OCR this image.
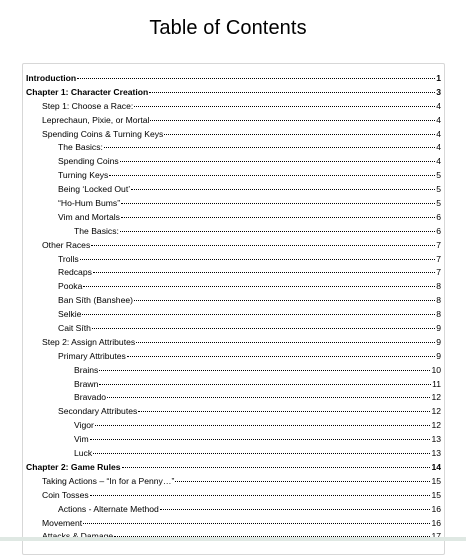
Table of Contents
Introduction	1
Chapter 1: Character Creation	3
Step 1: Choose a Race:	4
Leprechaun, Pixie, or Mortal	4
Spending Coins & Turning Keys	4
The Basics:	4
Spending Coins	4
Turning Keys	5
Being ‘Locked Out’	5
“Ho-Hum Bums”	5
Vim and Mortals	6
The Basics:	6
Other Races	7
Trolls	7
Redcaps	7
Pooka	8
Ban Síth (Banshee)	8
Selkie	8
Cait Síth	9
Step 2: Assign Attributes	9
Primary Attributes	9
Brains	10
Brawn	11
Bravado	12
Secondary Attributes	12
Vigor	12
Vim	13
Luck	13
Chapter 2: Game Rules	14
Taking Actions – “In for a Penny…”	15
Coin Tosses	15
Actions - Alternate Method	16
Movement	16
